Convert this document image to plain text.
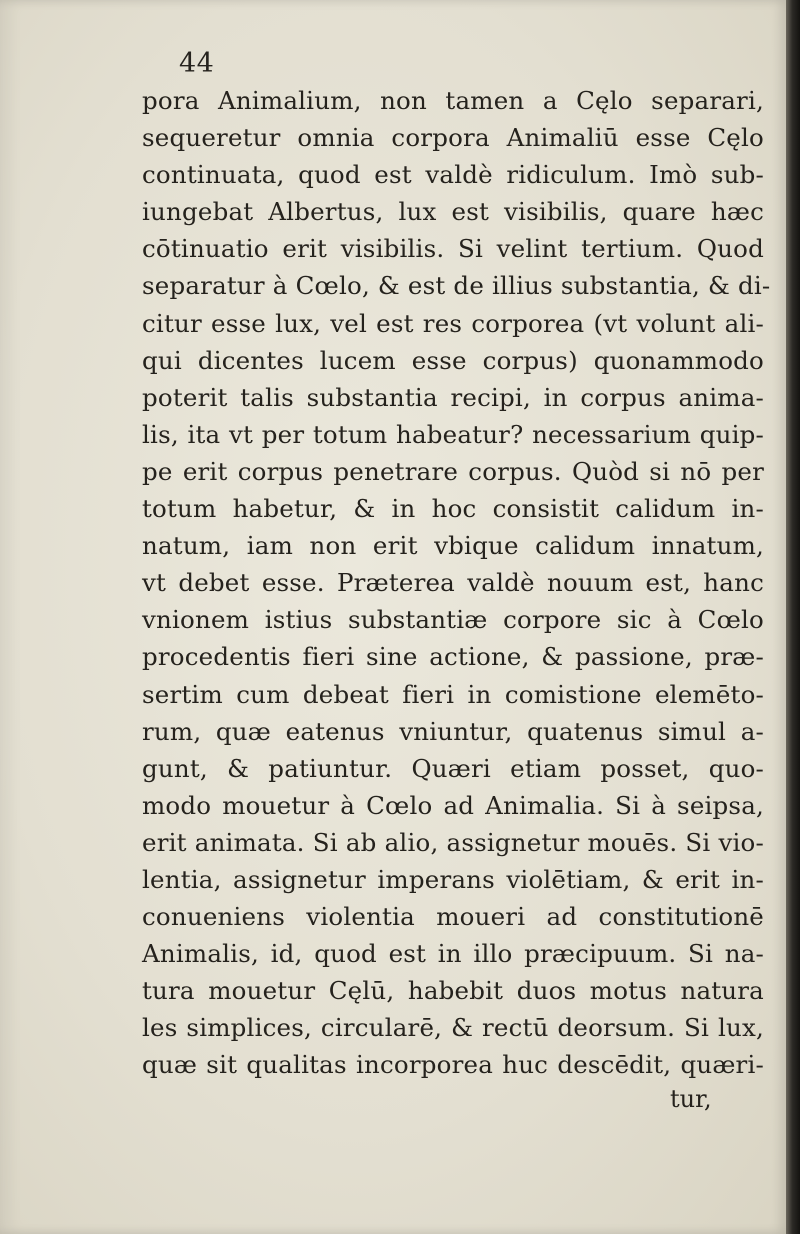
44
pora Animalium, non tamen a Cęlo separari,
sequeretur omnia corpora Animaliū esse Cęlo
continuata, quod est valdè ridiculum. Imò sub-
iungebat Albertus, lux est visibilis, quare hæc
cōtinuatio erit visibilis. Si velint tertium. Quod
separatur à Cœlo, & est de illius substantia, & di-
citur esse lux, vel est res corporea (vt volunt ali-
qui dicentes lucem esse corpus) quonammodo
poterit talis substantia recipi, in corpus anima-
lis, ita vt per totum habeatur? necessarium quip-
pe erit corpus penetrare corpus. Quòd si nō per
totum habetur, & in hoc consistit calidum in-
natum, iam non erit vbique calidum innatum,
vt debet esse. Præterea valdè nouum est, hanc
vnionem istius substantiæ corpore sic à Cœlo
procedentis fieri sine actione, & passione, præ-
sertim cum debeat fieri in comistione elemēto-
rum, quæ eatenus vniuntur, quatenus simul a-
gunt, & patiuntur. Quæri etiam posset, quo-
modo mouetur à Cœlo ad Animalia. Si à seipsa,
erit animata. Si ab alio, assignetur mouēs. Si vio-
lentia, assignetur imperans violētiam, & erit in-
conueniens violentia moueri ad constitutionē
Animalis, id, quod est in illo præcipuum. Si na-
tura mouetur Cęlū, habebit duos motus natura
les simplices, circularē, & rectū deorsum. Si lux,
quæ sit qualitas incorporea huc descēdit, quæri-
tur,
